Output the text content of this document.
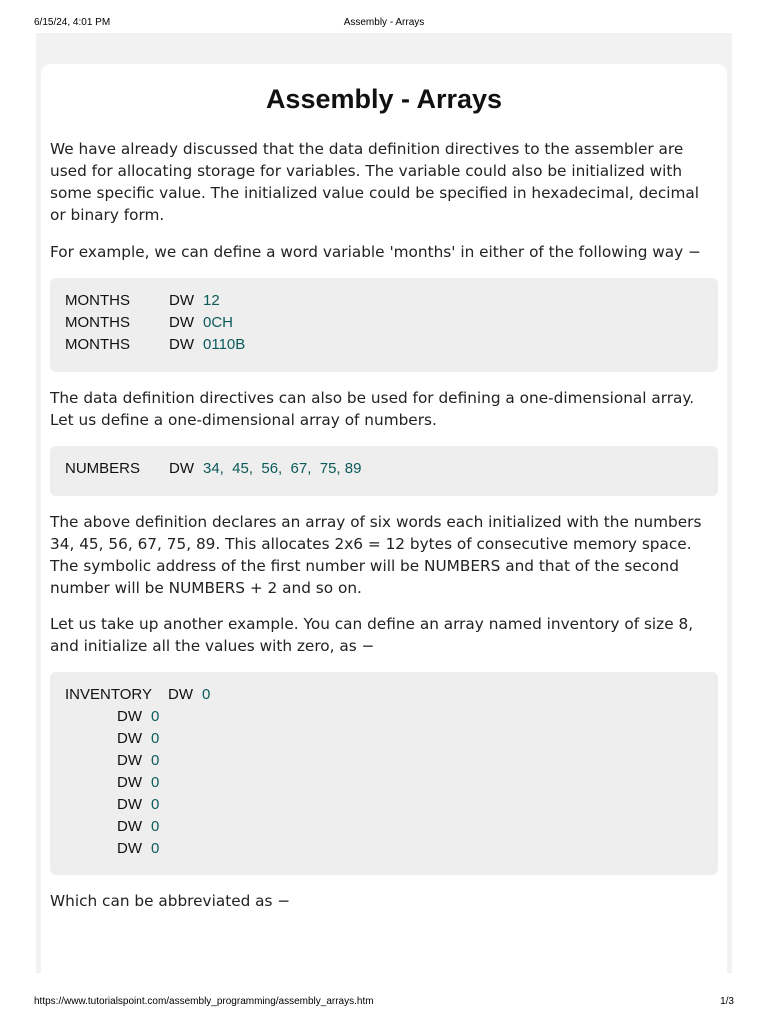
6/15/24, 4:01 PM	Assembly - Arrays
Assembly - Arrays

We have already discussed that the data definition directives to the assembler are used for allocating storage for variables. The variable could also be initialized with some specific value. The initialized value could be specified in hexadecimal, decimal or binary form.

For example, we can define a word variable 'months' in either of the following way −

MONTHS	DW 12
MONTHS	DW 0CH
MONTHS	DW 0110B

The data definition directives can also be used for defining a one-dimensional array. Let us define a one-dimensional array of numbers.

NUMBERS DW 34,  45,  56,  67,  75, 89

The above definition declares an array of six words each initialized with the numbers 34, 45, 56, 67, 75, 89. This allocates 2x6 = 12 bytes of consecutive memory space. The symbolic address of the first number will be NUMBERS and that of the second number will be NUMBERS + 2 and so on.

Let us take up another example. You can define an array named inventory of size 8, and initialize all the values with zero, as −

INVENTORY DW 0
DW 0
DW 0
DW 0
DW 0
DW 0
DW 0
DW 0

Which can be abbreviated as −

https://www.tutorialspoint.com/assembly_programming/assembly_arrays.htm	1/3
